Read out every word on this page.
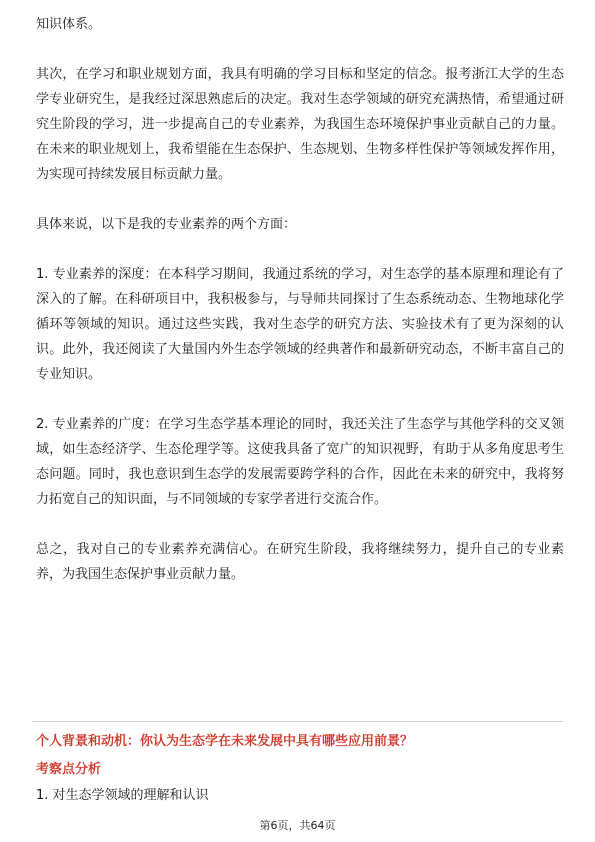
知识体系。

其次，在学习和职业规划方面，我具有明确的学习目标和坚定的信念。报考浙江大学的生态学专业研究生，是我经过深思熟虑后的决定。我对生态学领域的研究充满热情，希望通过研究生阶段的学习，进一步提高自己的专业素养，为我国生态环境保护事业贡献自己的力量。在未来的职业规划上，我希望能在生态保护、生态规划、生物多样性保护等领域发挥作用，为实现可持续发展目标贡献力量。

具体来说，以下是我的专业素养的两个方面：

1. 专业素养的深度：在本科学习期间，我通过系统的学习，对生态学的基本原理和理论有了深入的了解。在科研项目中，我积极参与，与导师共同探讨了生态系统动态、生物地球化学循环等领域的知识。通过这些实践，我对生态学的研究方法、实验技术有了更为深刻的认识。此外，我还阅读了大量国内外生态学领域的经典著作和最新研究动态，不断丰富自己的专业知识。

2. 专业素养的广度：在学习生态学基本理论的同时，我还关注了生态学与其他学科的交叉领域，如生态经济学、生态伦理学等。这使我具备了宽广的知识视野，有助于从多角度思考生态问题。同时，我也意识到生态学的发展需要跨学科的合作，因此在未来的研究中，我将努力拓宽自己的知识面，与不同领域的专家学者进行交流合作。

总之，我对自己的专业素养充满信心。在研究生阶段，我将继续努力，提升自己的专业素养，为我国生态保护事业贡献力量。

个人背景和动机：你认为生态学在未来发展中具有哪些应用前景？

考察点分析

1. 对生态学领域的理解和认识

第6页，共64页
